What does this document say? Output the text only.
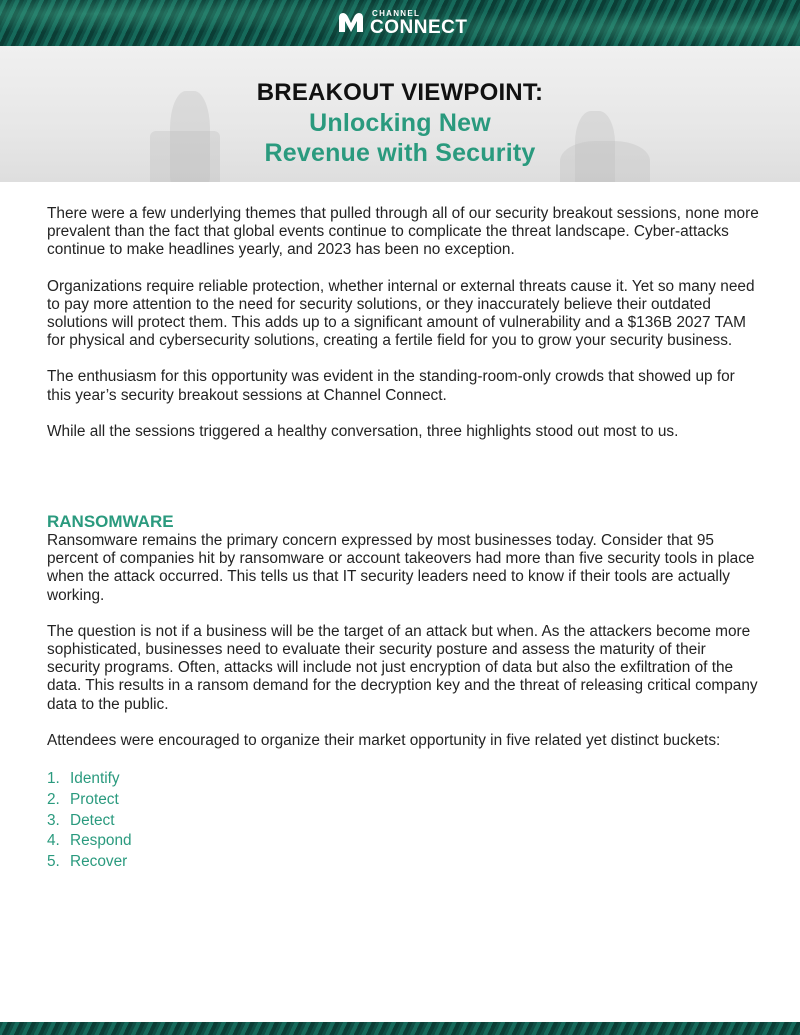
CHANNEL
CONNECT
BREAKOUT VIEWPOINT:
Unlocking New
Revenue with Security

There were a few underlying themes that pulled through all of our security breakout sessions, none more prevalent than the fact that global events continue to complicate the threat landscape. Cyber-attacks continue to make headlines yearly, and 2023 has been no exception.

Organizations require reliable protection, whether internal or external threats cause it. Yet so many need to pay more attention to the need for security solutions, or they inaccurately believe their outdated solutions will protect them. This adds up to a significant amount of vulnerability and a $136B 2027 TAM for physical and cybersecurity solutions, creating a fertile field for you to grow your security business.

The enthusiasm for this opportunity was evident in the standing-room-only crowds that showed up for this year’s security breakout sessions at Channel Connect.

While all the sessions triggered a healthy conversation, three highlights stood out most to us.

RANSOMWARE

Ransomware remains the primary concern expressed by most businesses today. Consider that 95 percent of companies hit by ransomware or account takeovers had more than five security tools in place when the attack occurred. This tells us that IT security leaders need to know if their tools are actually working.

The question is not if a business will be the target of an attack but when. As the attackers become more sophisticated, businesses need to evaluate their security posture and assess the maturity of their security programs. Often, attacks will include not just encryption of data but also the exfiltration of the data. This results in a ransom demand for the decryption key and the threat of releasing critical company data to the public.

Attendees were encouraged to organize their market opportunity in five related yet distinct buckets:

1. Identify
2. Protect
3. Detect
4. Respond
5. Recover
